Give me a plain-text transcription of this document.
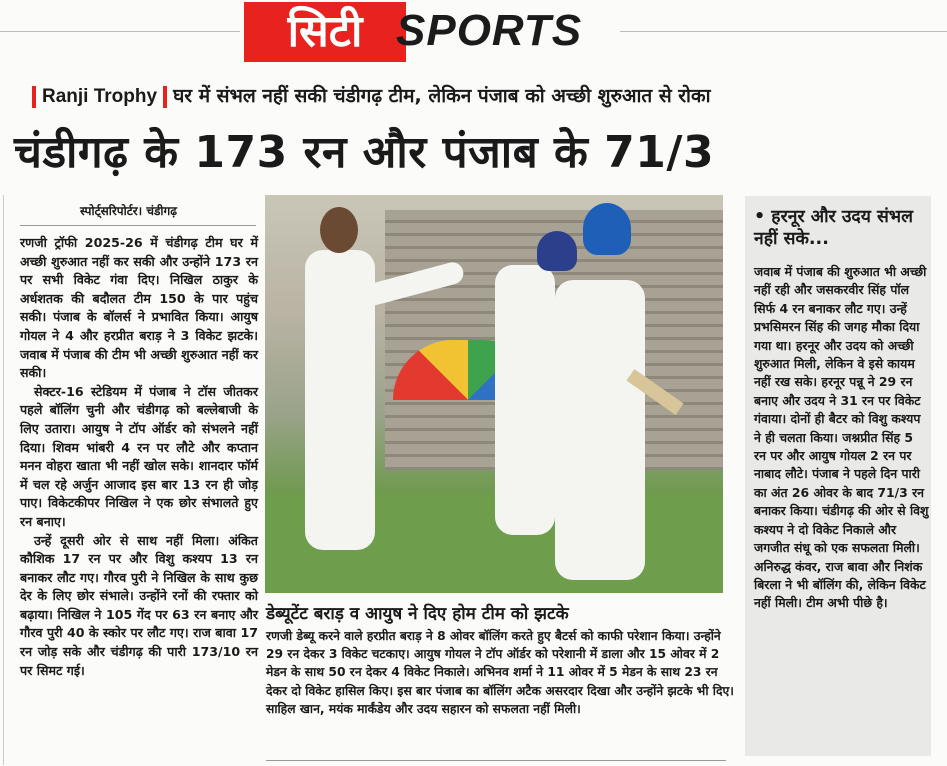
सिटी SPORTS
Ranji Trophy घर में संभल नहीं सकी चंडीगढ़ टीम, लेकिन पंजाब को अच्छी शुरुआत से रोका
चंडीगढ़ के 173 रन और पंजाब के 71/3
स्पोर्ट्सरिपोर्टर। चंडीगढ़

रणजी ट्रॉफी 2025-26 में चंडीगढ़ टीम घर में अच्छी शुरुआत नहीं कर सकी और उन्होंने 173 रन पर सभी विकेट गंवा दिए। निखिल ठाकुर के अर्धशतक की बदौलत टीम 150 के पार पहुंच सकी। पंजाब के बॉलर्स ने प्रभावित किया। आयुष गोयल ने 4 और हरप्रीत बराड़ ने 3 विकेट झटके। जवाब में पंजाब की टीम भी अच्छी शुरुआत नहीं कर सकी।

सेक्टर-16 स्टेडियम में पंजाब ने टॉस जीतकर पहले बॉलिंग चुनी और चंडीगढ़ को बल्लेबाजी के लिए उतारा। आयुष ने टॉप ऑर्डर को संभलने नहीं दिया। शिवम भांबरी 4 रन पर लौटे और कप्तान मनन वोहरा खाता भी नहीं खोल सके। शानदार फॉर्म में चल रहे अर्जुन आजाद इस बार 13 रन ही जोड़ पाए। विकेटकीपर निखिल ने एक छोर संभालते हुए रन बनाए।

उन्हें दूसरी ओर से साथ नहीं मिला। अंकित कौशिक 17 रन पर और विशु कश्यप 13 रन बनाकर लौट गए। गौरव पुरी ने निखिल के साथ कुछ देर के लिए छोर संभाले। उन्होंने रनों की रफ्तार को बढ़ाया। निखिल ने 105 गेंद पर 63 रन बनाए और गौरव पुरी 40 के स्कोर पर लौट गए। राज बावा 17 रन जोड़ सके और चंडीगढ़ की पारी 173/10 रन पर सिमट गई।

डेब्यूटेंट बराड़ व आयुष ने दिए होम टीम को झटके
रणजी डेब्यू करने वाले हरप्रीत बराड़ ने 8 ओवर बॉलिंग करते हुए बैटर्स को काफी परेशान किया। उन्होंने 29 रन देकर 3 विकेट चटकाए। आयुष गोयल ने टॉप ऑर्डर को परेशानी में डाला और 15 ओवर में 2 मेडन के साथ 50 रन देकर 4 विकेट निकाले। अभिनव शर्मा ने 11 ओवर में 5 मेडन के साथ 23 रन देकर दो विकेट हासिल किए। इस बार पंजाब का बॉलिंग अटैक असरदार दिखा और उन्होंने झटके भी दिए। साहिल खान, मयंक मार्कंडेय और उदय सहारन को सफलता नहीं मिली।
• हरनूर और उदय संभल नहीं सके...
जवाब में पंजाब की शुरुआत भी अच्छी नहीं रही और जसकरवीर सिंह पॉल सिर्फ 4 रन बनाकर लौट गए। उन्हें प्रभसिमरन सिंह की जगह मौका दिया गया था। हरनूर और उदय को अच्छी शुरुआत मिली, लेकिन वे इसे कायम नहीं रख सके। हरनूर पन्नू ने 29 रन बनाए और उदय ने 31 रन पर विकेट गंवाया। दोनों ही बैटर को विशु कश्यप ने ही चलता किया। जश्नप्रीत सिंह 5 रन पर और आयुष गोयल 2 रन पर नाबाद लौटे। पंजाब ने पहले दिन पारी का अंत 26 ओवर के बाद 71/3 रन बनाकर किया। चंडीगढ़ की ओर से विशु कश्यप ने दो विकेट निकाले और जगजीत संधू को एक सफलता मिली। अनिरुद्ध कंवर, राज बावा और निशंक बिरला ने भी बॉलिंग की, लेकिन विकेट नहीं मिली। टीम अभी पीछे है।
